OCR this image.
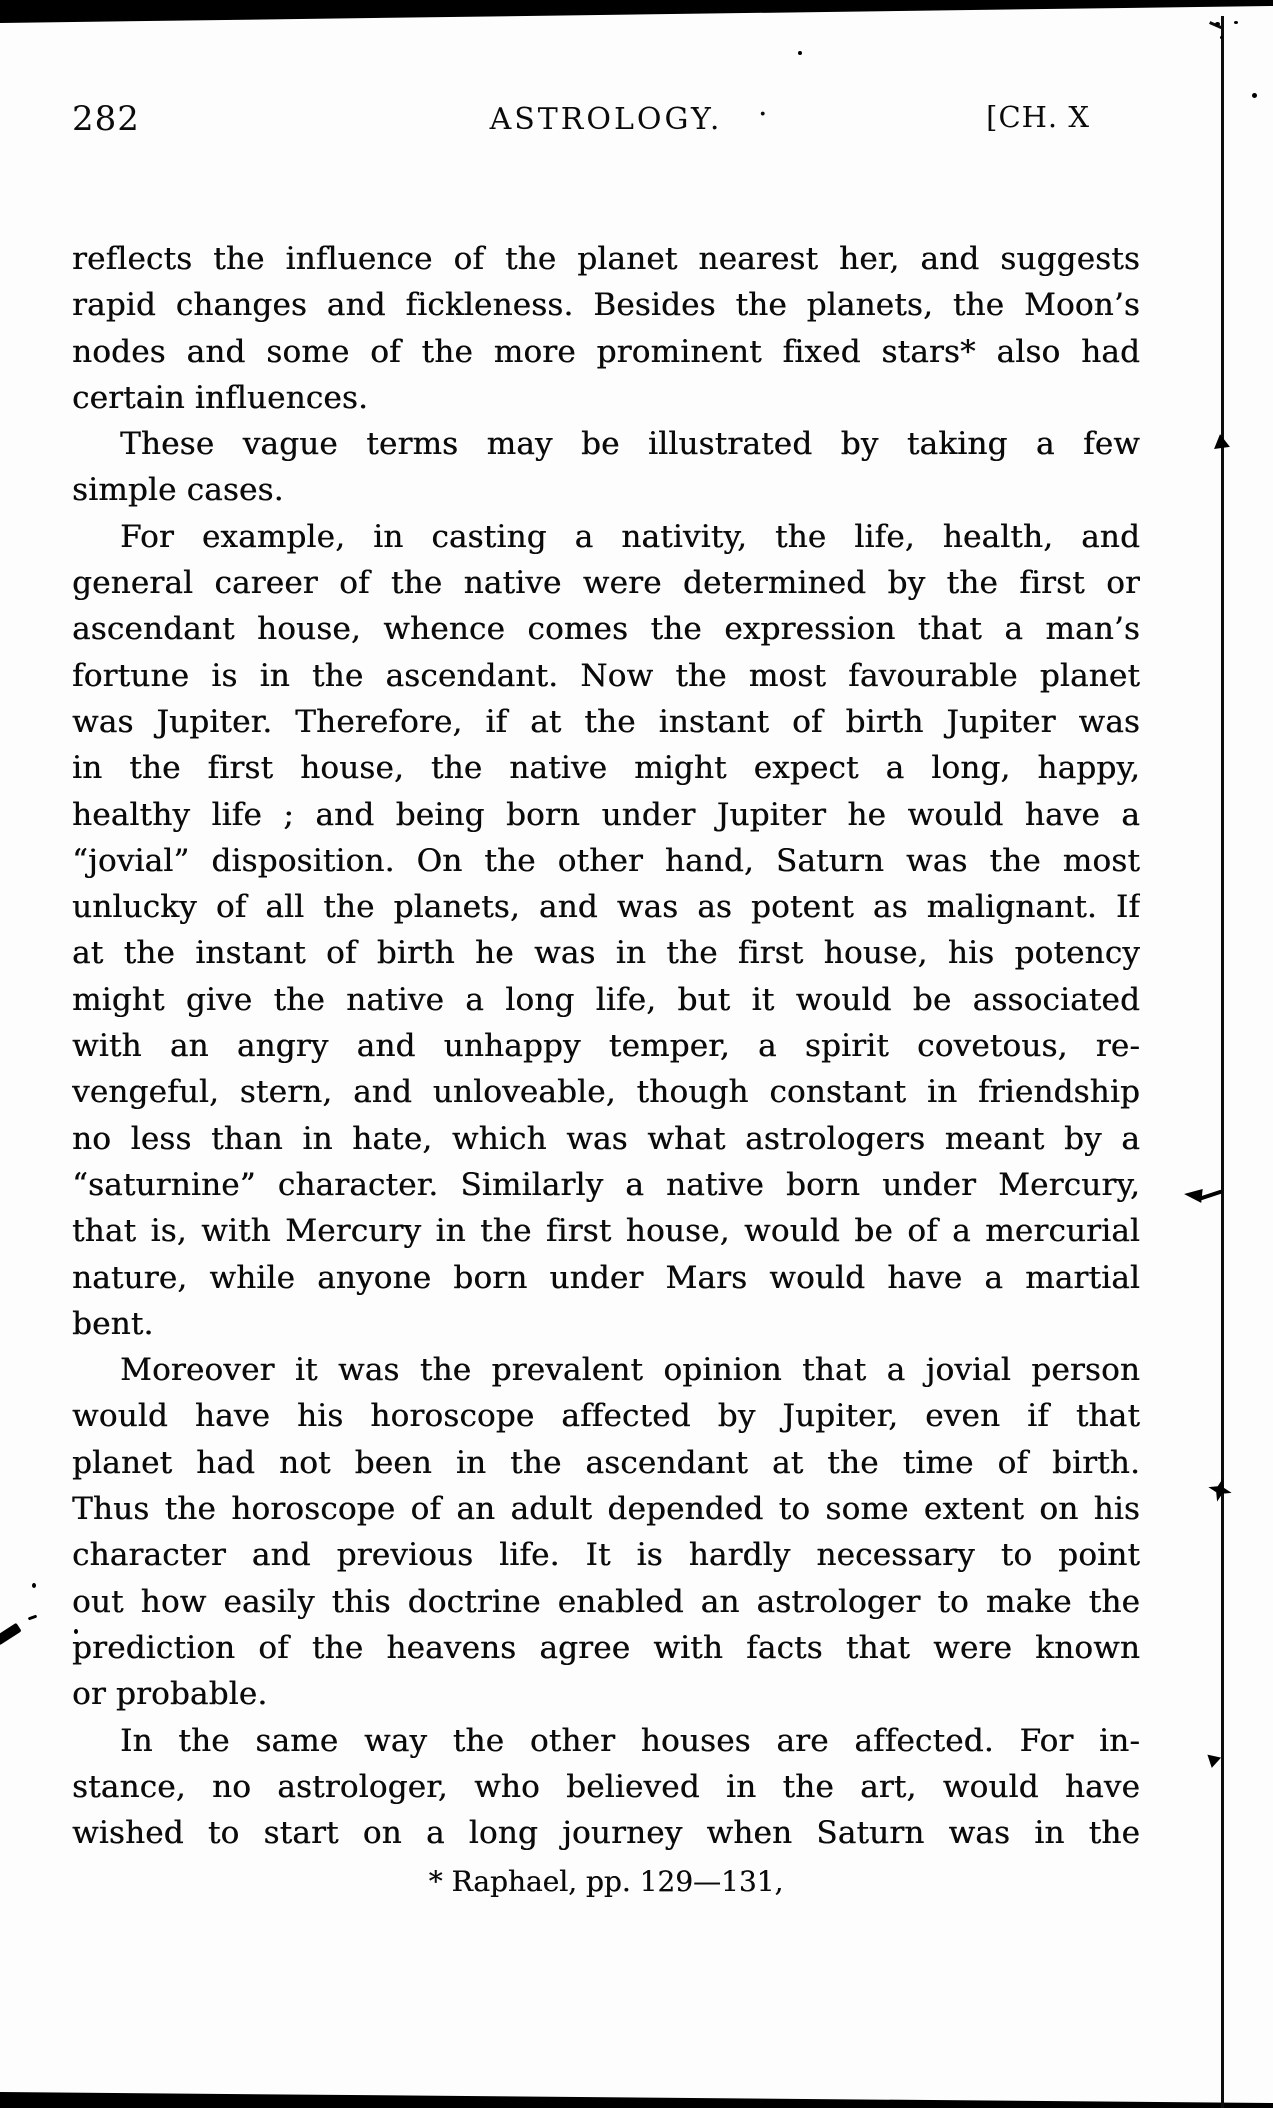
282	ASTROLOGY. ·	[CH. X
reflects the influence of the planet nearest her, and suggests
rapid changes and fickleness. Besides the planets, the Moon’s
nodes and some of the more prominent fixed stars* also had
certain influences.
These vague terms may be illustrated by taking a few
simple cases.
For example, in casting a nativity, the life, health, and
general career of the native were determined by the first or
ascendant house, whence comes the expression that a man’s
fortune is in the ascendant. Now the most favourable planet
was Jupiter. Therefore, if at the instant of birth Jupiter was
in the first house, the native might expect a long, happy,
healthy life ; and being born under Jupiter he would have a
“jovial” disposition. On the other hand, Saturn was the most
unlucky of all the planets, and was as potent as malignant. If
at the instant of birth he was in the first house, his potency
might give the native a long life, but it would be associated
with an angry and unhappy temper, a spirit covetous, re-
vengeful, stern, and unloveable, though constant in friendship
no less than in hate, which was what astrologers meant by a
“saturnine” character. Similarly a native born under Mercury,
that is, with Mercury in the first house, would be of a mercurial
nature, while anyone born under Mars would have a martial
bent.
Moreover it was the prevalent opinion that a jovial person
would have his horoscope affected by Jupiter, even if that
planet had not been in the ascendant at the time of birth.
Thus the horoscope of an adult depended to some extent on his
character and previous life. It is hardly necessary to point
out how easily this doctrine enabled an astrologer to make the
prediction of the heavens agree with facts that were known
or probable.
In the same way the other houses are affected. For in-
stance, no astrologer, who believed in the art, would have
wished to start on a long journey when Saturn was in the
* Raphael, pp. 129—131,
